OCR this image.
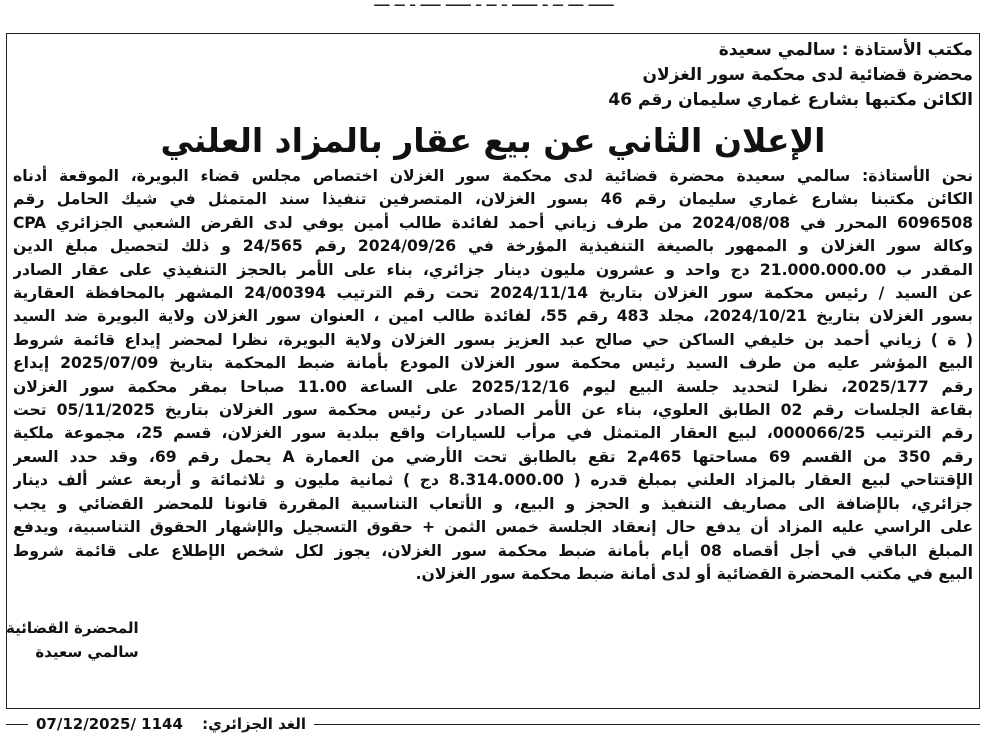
ـــــ ـــ ــ ـ ـــــ ـ ــ ـ ـــــ ــــ ـ ــ ـــ
مكتب الأستاذة : سالمي سعيدة
محضرة قضائية لدى محكمة سور الغزلان
الكائن مكتبها بشارع غماري سليمان رقم 46
الإعلان الثاني عن بيع عقار بالمزاد العلني
نحن الأستاذة: سالمي سعيدة محضرة قضائية لدى محكمة سور الغزلان اختصاص مجلس قضاء البويرة، الموقعة أدناه
الكائن مكتبنا بشارع غماري سليمان رقم 46 بسور الغزلان، المتصرفين تنفيذا سند المتمثل في شيك الحامل رقم
6096508 المحرر في 2024/08/08 من طرف زياني أحمد لفائدة طالب أمين يوفي لدى القرض الشعبي الجزائري CPA
وكالة سور الغزلان و الممهور بالصيغة التنفيذية المؤرخة في 2024/09/26 رقم 24/565 و ذلك لتحصيل مبلغ الدين
المقدر ب 21.000.000.00 دج واحد و عشرون مليون دينار جزائري، بناء على الأمر بالحجز التنفيذي على عقار الصادر
عن السيد / رئيس محكمة سور الغزلان بتاريخ 2024/11/14 تحت رقم الترتيب 24/00394 المشهر بالمحافظة العقارية
بسور الغزلان بتاريخ 2024/10/21، مجلد 483 رقم 55، لفائدة طالب امين ، العنوان سور الغزلان ولاية البويرة ضد السيد
( ة ) زياني أحمد بن خليفي الساكن حي صالح عبد العزيز بسور الغزلان ولاية البويرة، نظرا لمحضر إيداع قائمة شروط
البيع المؤشر عليه من طرف السيد رئيس محكمة سور الغزلان المودع بأمانة ضبط المحكمة بتاريخ 2025/07/09 إيداع
رقم 2025/177، نظرا لتحديد جلسة البيع ليوم 2025/12/16 على الساعة 11.00 صباحا بمقر محكمة سور الغزلان
بقاعة الجلسات رقم 02 الطابق العلوي، بناء عن الأمر الصادر عن رئيس محكمة سور الغزلان بتاريخ 05/11/2025 تحت
رقم الترتيب 000066/25، لبيع العقار المتمثل في مرأب للسيارات واقع ببلدية سور الغزلان، قسم 25، مجموعة ملكية
رقم 350 من القسم 69 مساحتها 465م2 تقع بالطابق تحت الأرضي من العمارة A يحمل رقم 69، وقد حدد السعر
الإقتتاحي لبيع العقار بالمزاد العلني بمبلغ قدره ( 8.314.000.00 دج ) ثمانية مليون و ثلاثمائة و أربعة عشر ألف دينار
جزائري، بالإضافة الى مصاريف التنفيذ و الحجز و البيع، و الأتعاب التناسبية المقررة قانونا للمحضر القضائي و يجب
على الراسي عليه المزاد أن يدفع حال إنعقاد الجلسة خمس الثمن + حقوق التسجيل والإشهار الحقوق التناسبية، ويدفع
المبلغ الباقي في أجل أقصاه 08 أيام بأمانة ضبط محكمة سور الغزلان، يجوز لكل شخص الإطلاع على قائمة شروط
البيع في مكتب المحضرة القضائية أو لدى أمانة ضبط محكمة سور الغزلان.
المحضرة القضائية
سالمي سعيدة
07/12/2025/ 1144 الغد الجزائري:
